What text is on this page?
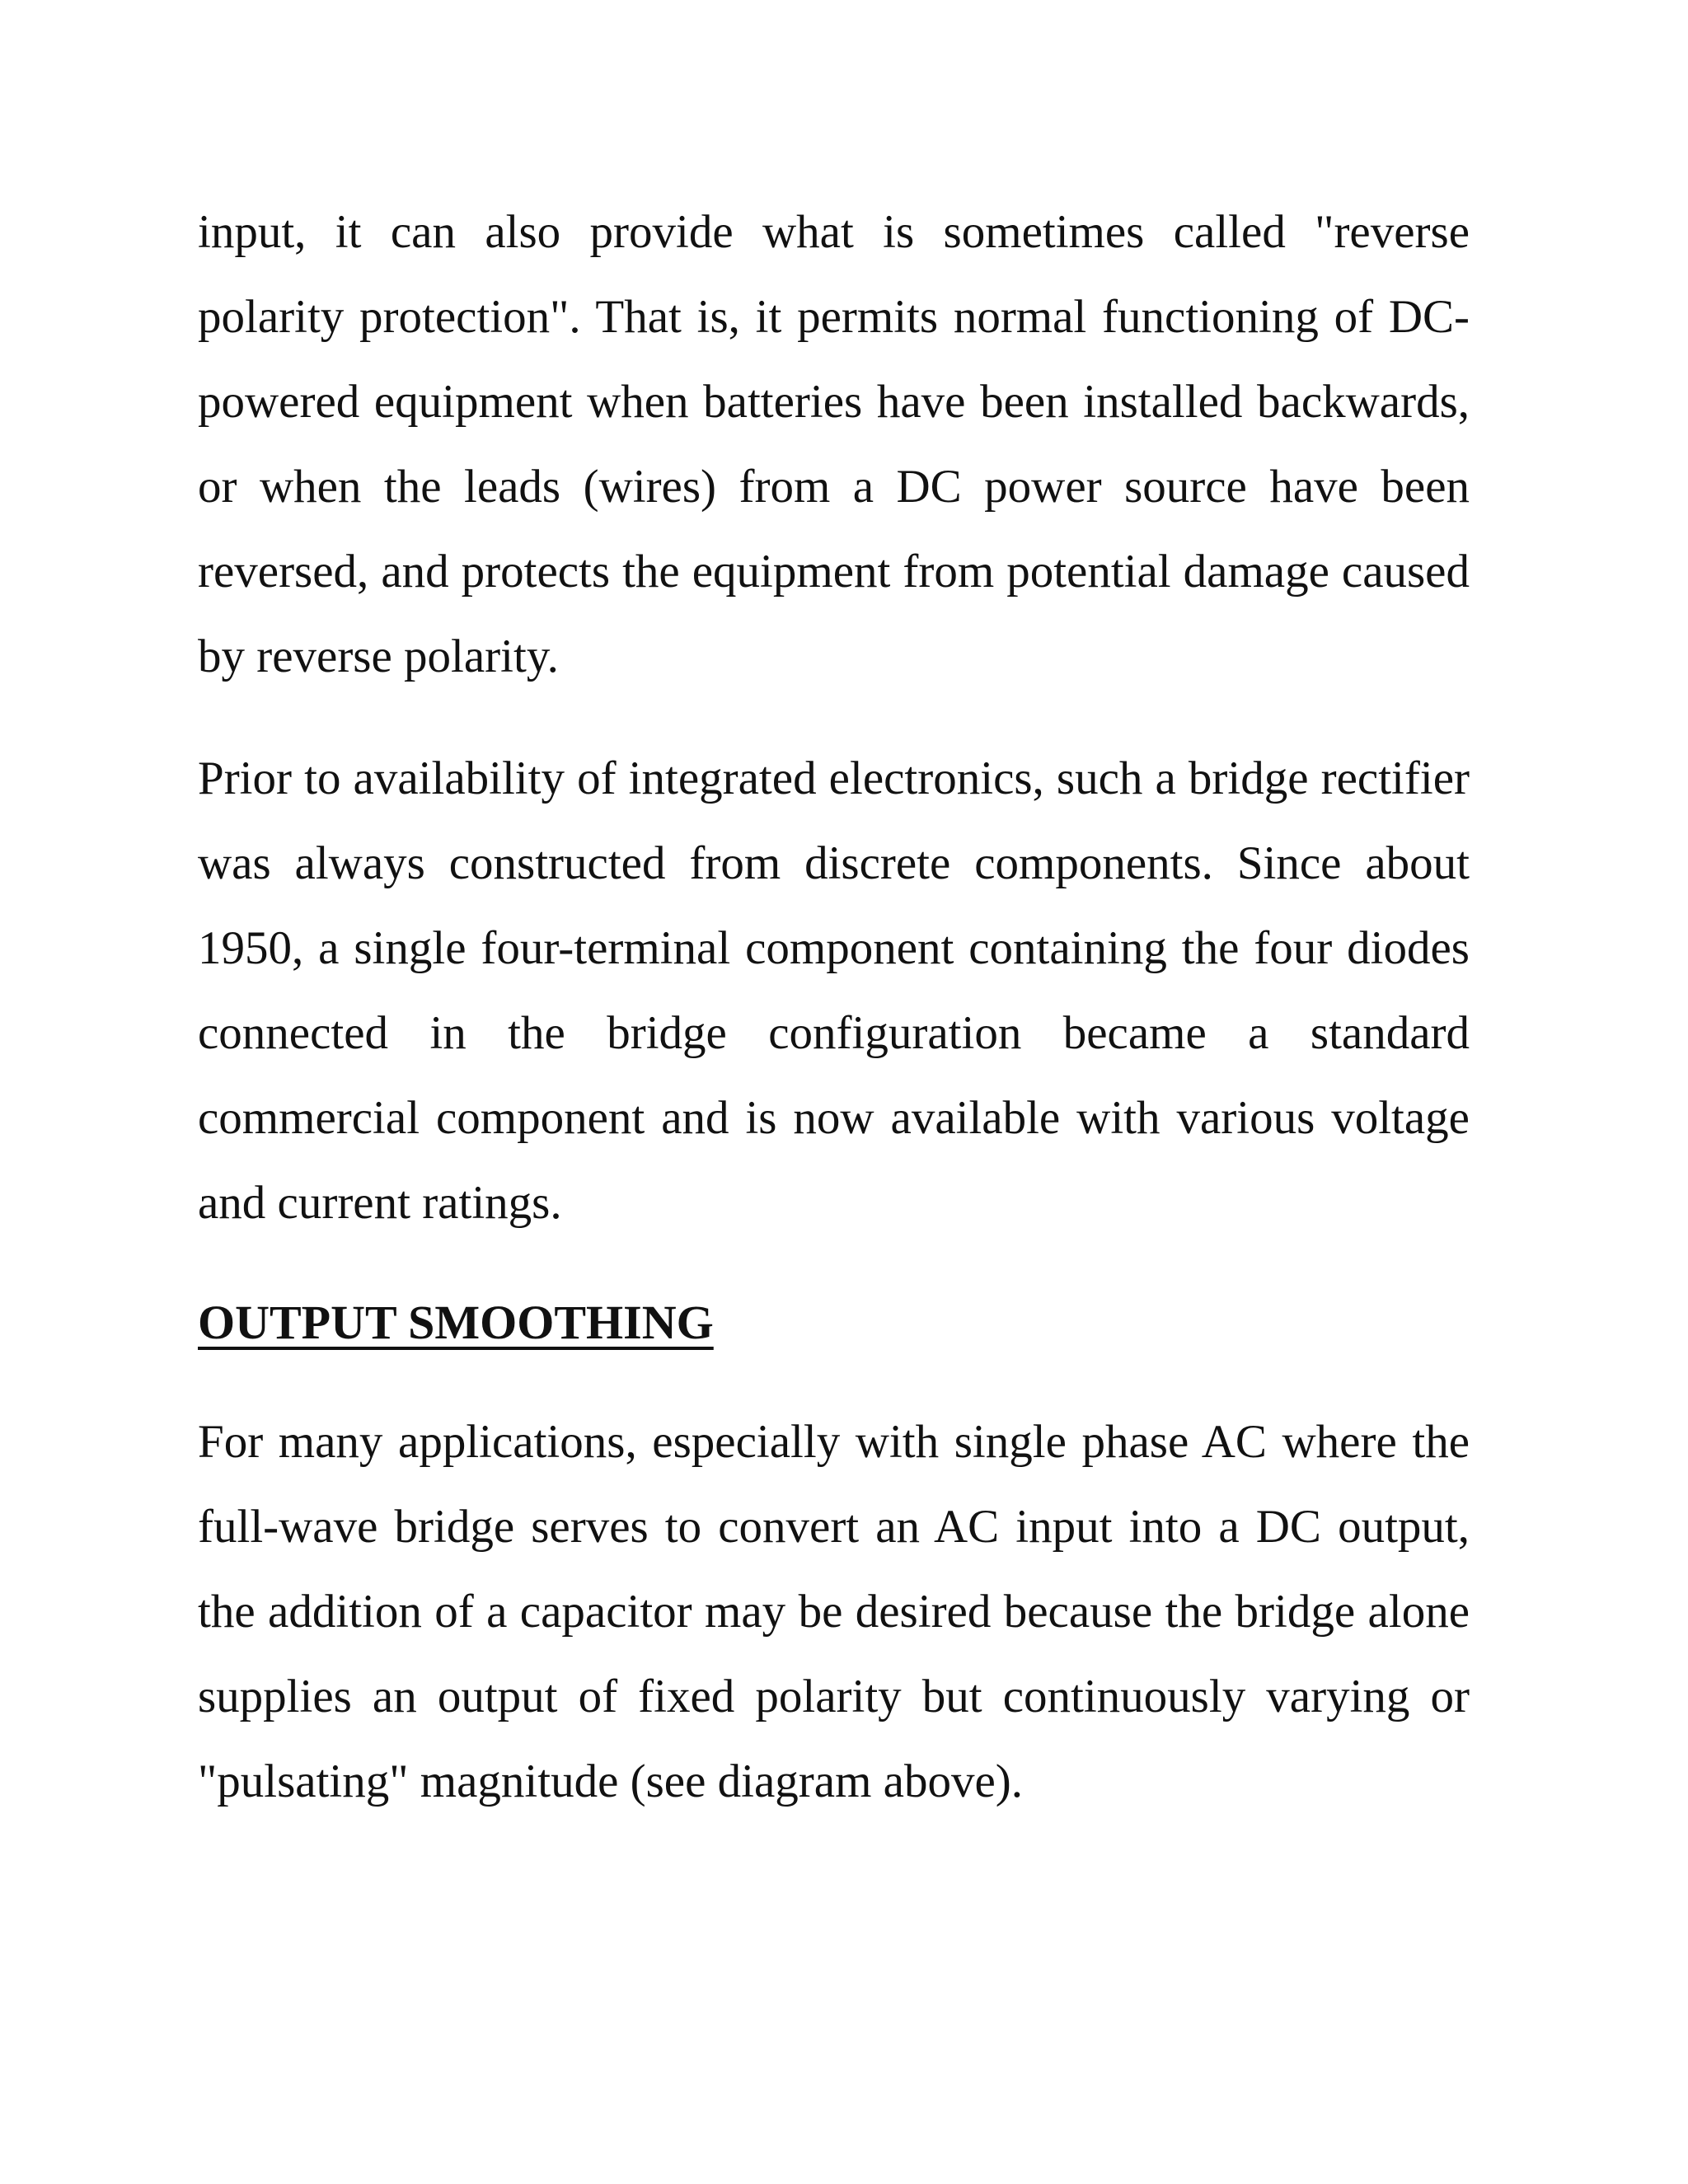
input, it can also provide what is sometimes called "reverse polarity protection". That is, it permits normal functioning of DC-powered equipment when batteries have been installed backwards, or when the leads (wires) from a DC power source have been reversed, and protects the equipment from potential damage caused by reverse polarity.

Prior to availability of integrated electronics, such a bridge rectifier was always constructed from discrete components. Since about 1950, a single four-terminal component containing the four diodes connected in the bridge configuration became a standard commercial component and is now available with various voltage and current ratings.

OUTPUT SMOOTHING

For many applications, especially with single phase AC where the full-wave bridge serves to convert an AC input into a DC output, the addition of a capacitor may be desired because the bridge alone supplies an output of fixed polarity but continuously varying or "pulsating" magnitude (see diagram above).
